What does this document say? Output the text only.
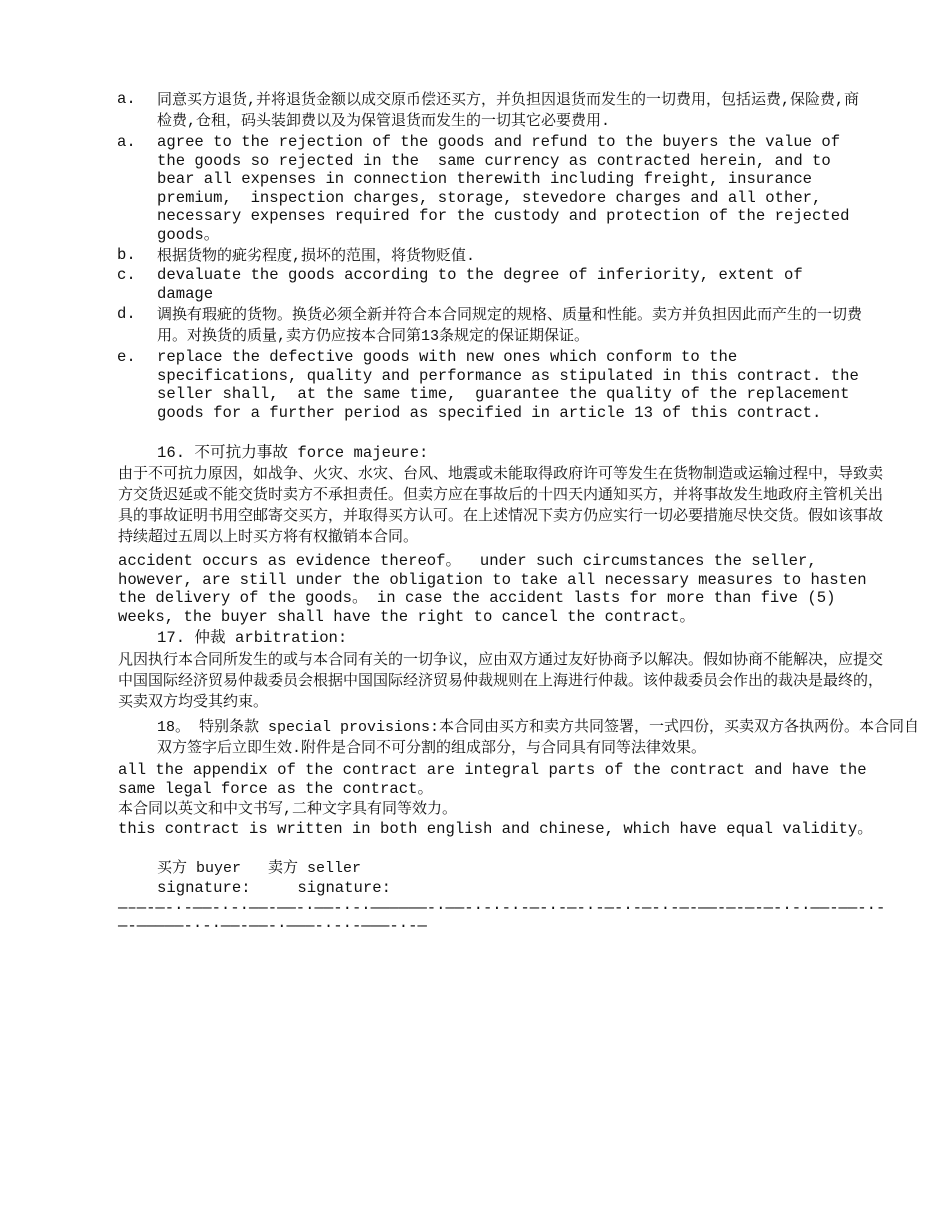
a.	同意买方退货,并将退货金额以成交原币偿还买方，并负担因退货而发生的一切费用，包括运费,保险费,商检费,仓租，码头装卸费以及为保管退货而发生的一切其它必要费用.
a.	agree to the rejection of the goods and refund to the buyers the value of the goods so rejected in the  same currency as contracted herein, and to bear all expenses in connection therewith including freight, insurance premium,  inspection charges, storage, stevedore charges and all other,  necessary expenses required for the custody and protection of the rejected goods。
b.	根据货物的疵劣程度,损坏的范围，将货物贬值.
c.	devaluate the goods according to the degree of inferiority, extent of damage
d.	调换有瑕疵的货物。换货必须全新并符合本合同规定的规格、质量和性能。卖方并负担因此而产生的一切费用。对换货的质量,卖方仍应按本合同第13条规定的保证期保证。
e.	replace the defective goods with new ones which conform to the specifications, quality and performance as stipulated in this contract. the seller shall,  at the same time,  guarantee the quality of the replacement goods for a further period as specified in article 13 of this contract.
16. 不可抗力事故 force majeure:
由于不可抗力原因，如战争、火灾、水灾、台风、地震或未能取得政府许可等发生在货物制造或运输过程中，导致卖方交货迟延或不能交货时卖方不承担责任。但卖方应在事故后的十四天内通知买方，并将事故发生地政府主管机关出具的事故证明书用空邮寄交买方，并取得买方认可。在上述情况下卖方仍应实行一切必要措施尽快交货。假如该事故持续超过五周以上时买方将有权撤销本合同。
accident occurs as evidence thereof。  under such circumstances the seller, however, are still under the obligation to take all necessary measures to hasten the delivery of the goods。 in case the accident lasts for more than five (5) weeks, the buyer shall have the right to cancel the contract。
17. 仲裁 arbitration:
凡因执行本合同所发生的或与本合同有关的一切争议，应由双方通过友好协商予以解决。假如协商不能解决，应提交中国国际经济贸易仲裁委员会根据中国国际经济贸易仲裁规则在上海进行仲裁。该仲裁委员会作出的裁决是最终的，买卖双方均受其约束。
18。 特别条款 special provisions:本合同由买方和卖方共同签署，一式四份，买卖双方各执两份。本合同自双方签字后立即生效.附件是合同不可分割的组成部分，与合同具有同等法律效果。
all the appendix of the contract are integral parts of the contract and have the same legal force as the contract。
本合同以英文和中文书写,二种文字具有同等效力。
this contract is written in both english and chinese, which have equal validity。
买方 buyer   卖方 seller
signature:     signature:
—–—-—-·-——-·-·——-——-·——-·-·——————-·——-·-·-·-—-·-—-·-—-·-—-·-—-——-—-—-—-·-·——-——-·-—-—————-·-·——-——-·———-·-·-———-·-—
